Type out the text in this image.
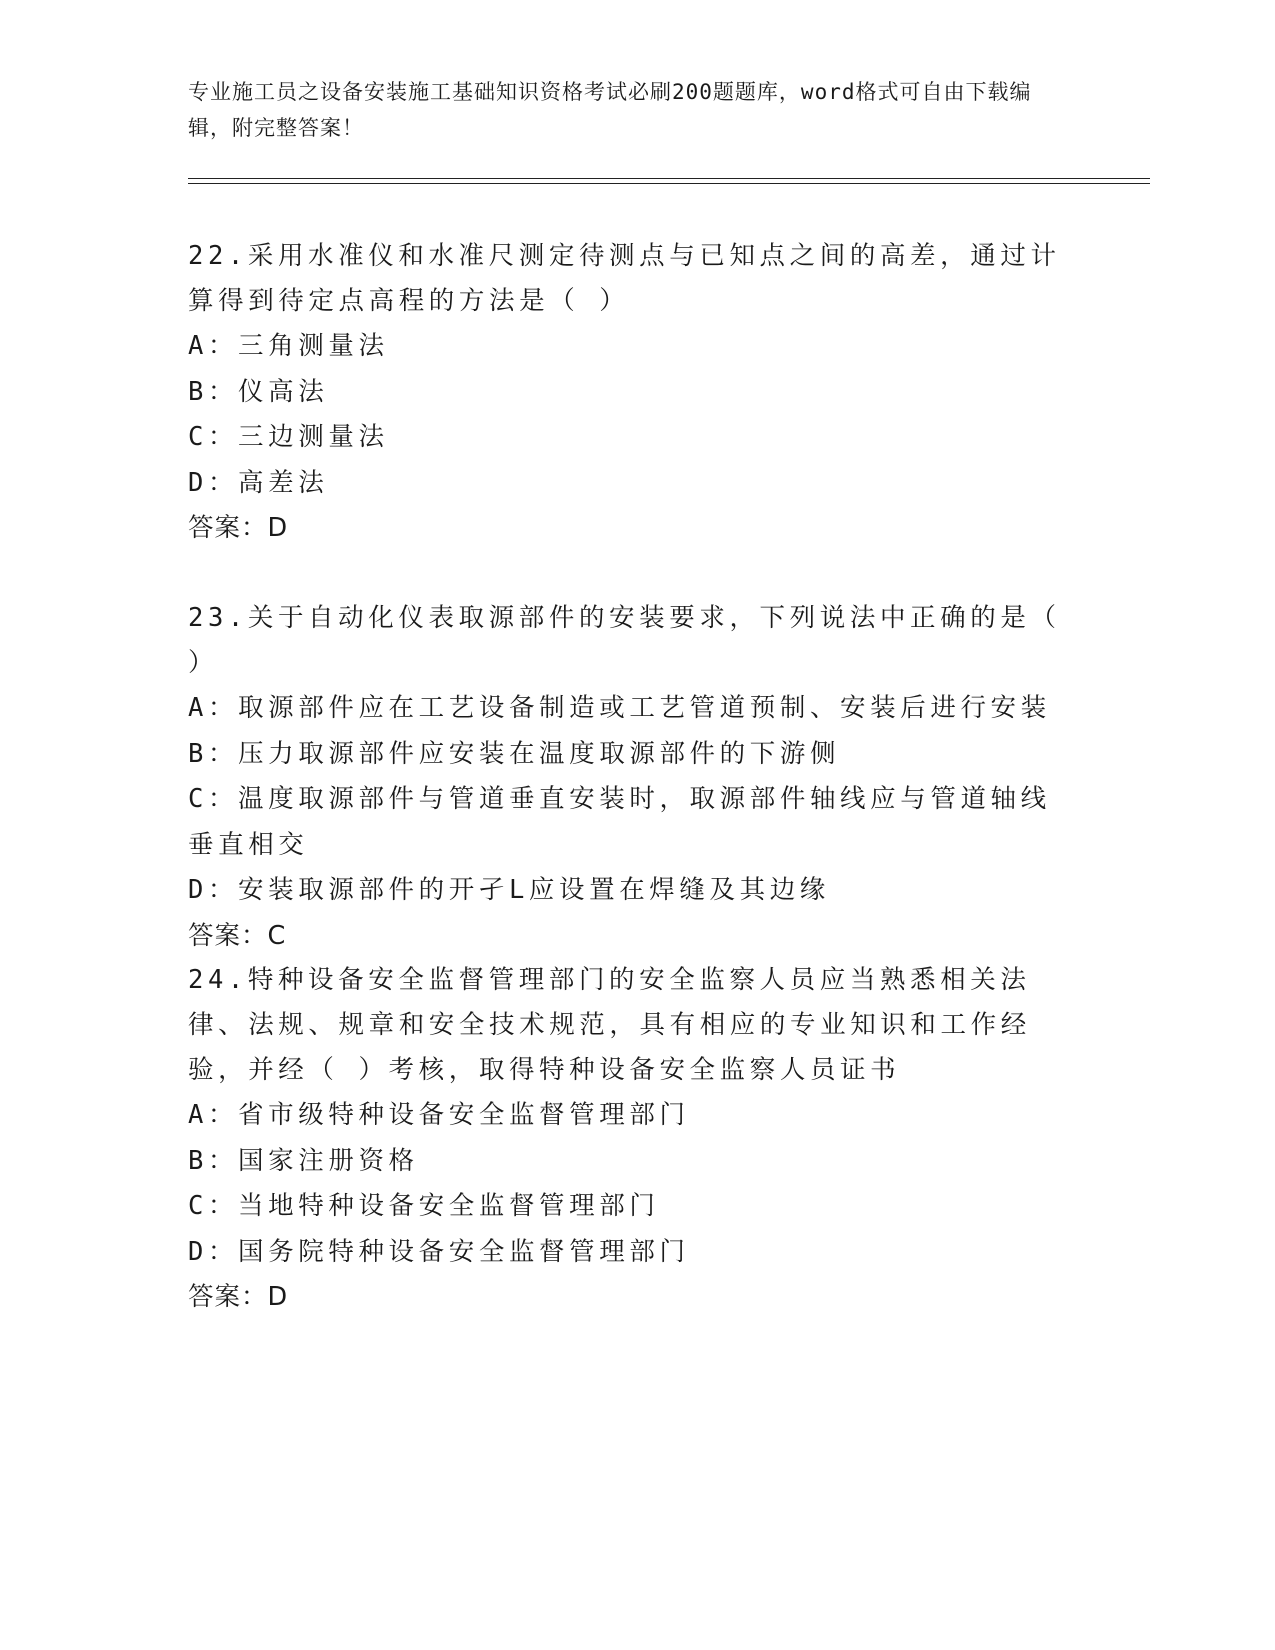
专业施工员之设备安装施工基础知识资格考试必刷200题题库，word格式可自由下载编辑，附完整答案！

22.采用水准仪和水准尺测定待测点与已知点之间的高差，通过计算得到待定点高程的方法是（ ）

A：三角测量法

B：仪高法

C：三边测量法

D：高差法

答案：D

23.关于自动化仪表取源部件的安装要求，下列说法中正确的是（ ）

A：取源部件应在工艺设备制造或工艺管道预制、安装后进行安装

B：压力取源部件应安装在温度取源部件的下游侧

C：温度取源部件与管道垂直安装时，取源部件轴线应与管道轴线垂直相交

D：安装取源部件的开孑L应设置在焊缝及其边缘

答案：C

24.特种设备安全监督管理部门的安全监察人员应当熟悉相关法律、法规、规章和安全技术规范，具有相应的专业知识和工作经验，并经（ ）考核，取得特种设备安全监察人员证书

A：省市级特种设备安全监督管理部门

B：国家注册资格

C：当地特种设备安全监督管理部门

D：国务院特种设备安全监督管理部门

答案：D
